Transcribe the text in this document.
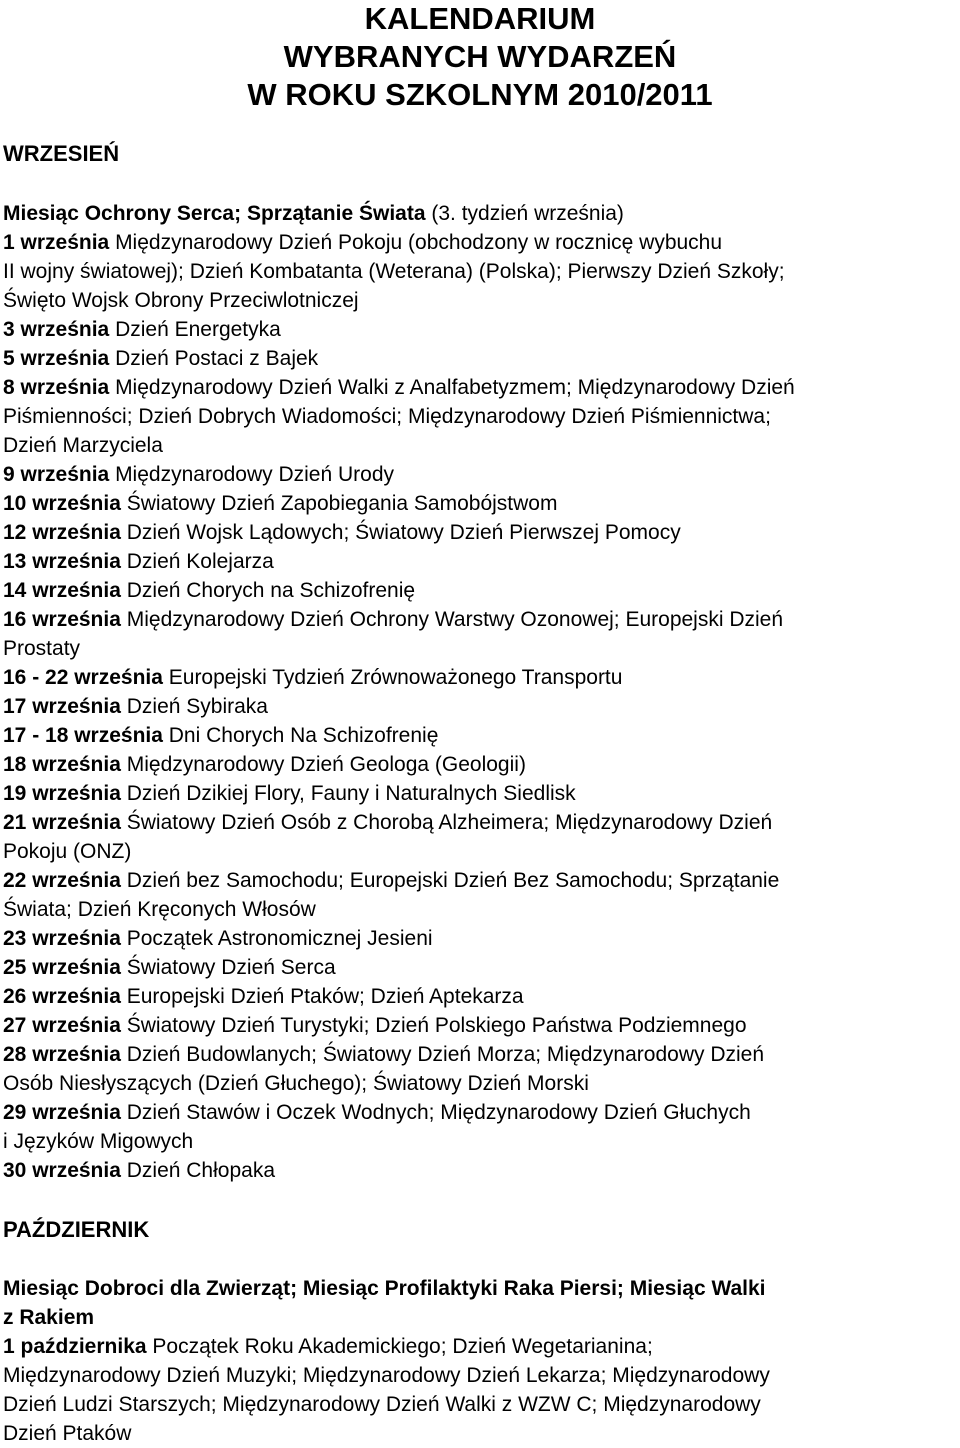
KALENDARIUM
WYBRANYCH WYDARZEŃ
W ROKU SZKOLNYM 2010/2011
WRZESIEŃ
Miesiąc Ochrony Serca; Sprzątanie Świata (3. tydzień września)
1 września Międzynarodowy Dzień Pokoju (obchodzony w rocznicę wybuchu
II wojny światowej); Dzień Kombatanta (Weterana) (Polska); Pierwszy Dzień Szkoły;
Święto Wojsk Obrony Przeciwlotniczej
3 września Dzień Energetyka
5 września Dzień Postaci z Bajek
8 września Międzynarodowy Dzień Walki z Analfabetyzmem; Międzynarodowy Dzień
Piśmienności; Dzień Dobrych Wiadomości; Międzynarodowy Dzień Piśmiennictwa;
Dzień Marzyciela
9 września Międzynarodowy Dzień Urody
10 września Światowy Dzień Zapobiegania Samobójstwom
12 września Dzień Wojsk Lądowych; Światowy Dzień Pierwszej Pomocy
13 września Dzień Kolejarza
14 września Dzień Chorych na Schizofrenię
16 września Międzynarodowy Dzień Ochrony Warstwy Ozonowej; Europejski Dzień
Prostaty
16 - 22 września Europejski Tydzień Zrównoważonego Transportu
17 września Dzień Sybiraka
17 - 18 września Dni Chorych Na Schizofrenię
18 września Międzynarodowy Dzień Geologa (Geologii)
19 września Dzień Dzikiej Flory, Fauny i Naturalnych Siedlisk
21 września Światowy Dzień Osób z Chorobą Alzheimera; Międzynarodowy Dzień
Pokoju (ONZ)
22 września Dzień bez Samochodu; Europejski Dzień Bez Samochodu; Sprzątanie
Świata; Dzień Kręconych Włosów
23 września Początek Astronomicznej Jesieni
25 września Światowy Dzień Serca
26 września Europejski Dzień Ptaków; Dzień Aptekarza
27 września Światowy Dzień Turystyki; Dzień Polskiego Państwa Podziemnego
28 września Dzień Budowlanych; Światowy Dzień Morza; Międzynarodowy Dzień
Osób Niesłyszących (Dzień Głuchego); Światowy Dzień Morski
29 września Dzień Stawów i Oczek Wodnych; Międzynarodowy Dzień Głuchych
i Języków Migowych
30 września Dzień Chłopaka
PAŹDZIERNIK
Miesiąc Dobroci dla Zwierząt; Miesiąc Profilaktyki Raka Piersi; Miesiąc Walki
z Rakiem
1 października Początek Roku Akademickiego; Dzień Wegetarianina;
Międzynarodowy Dzień Muzyki; Międzynarodowy Dzień Lekarza; Międzynarodowy
Dzień Ludzi Starszych; Międzynarodowy Dzień Walki z WZW C; Międzynarodowy
Dzień Ptaków
